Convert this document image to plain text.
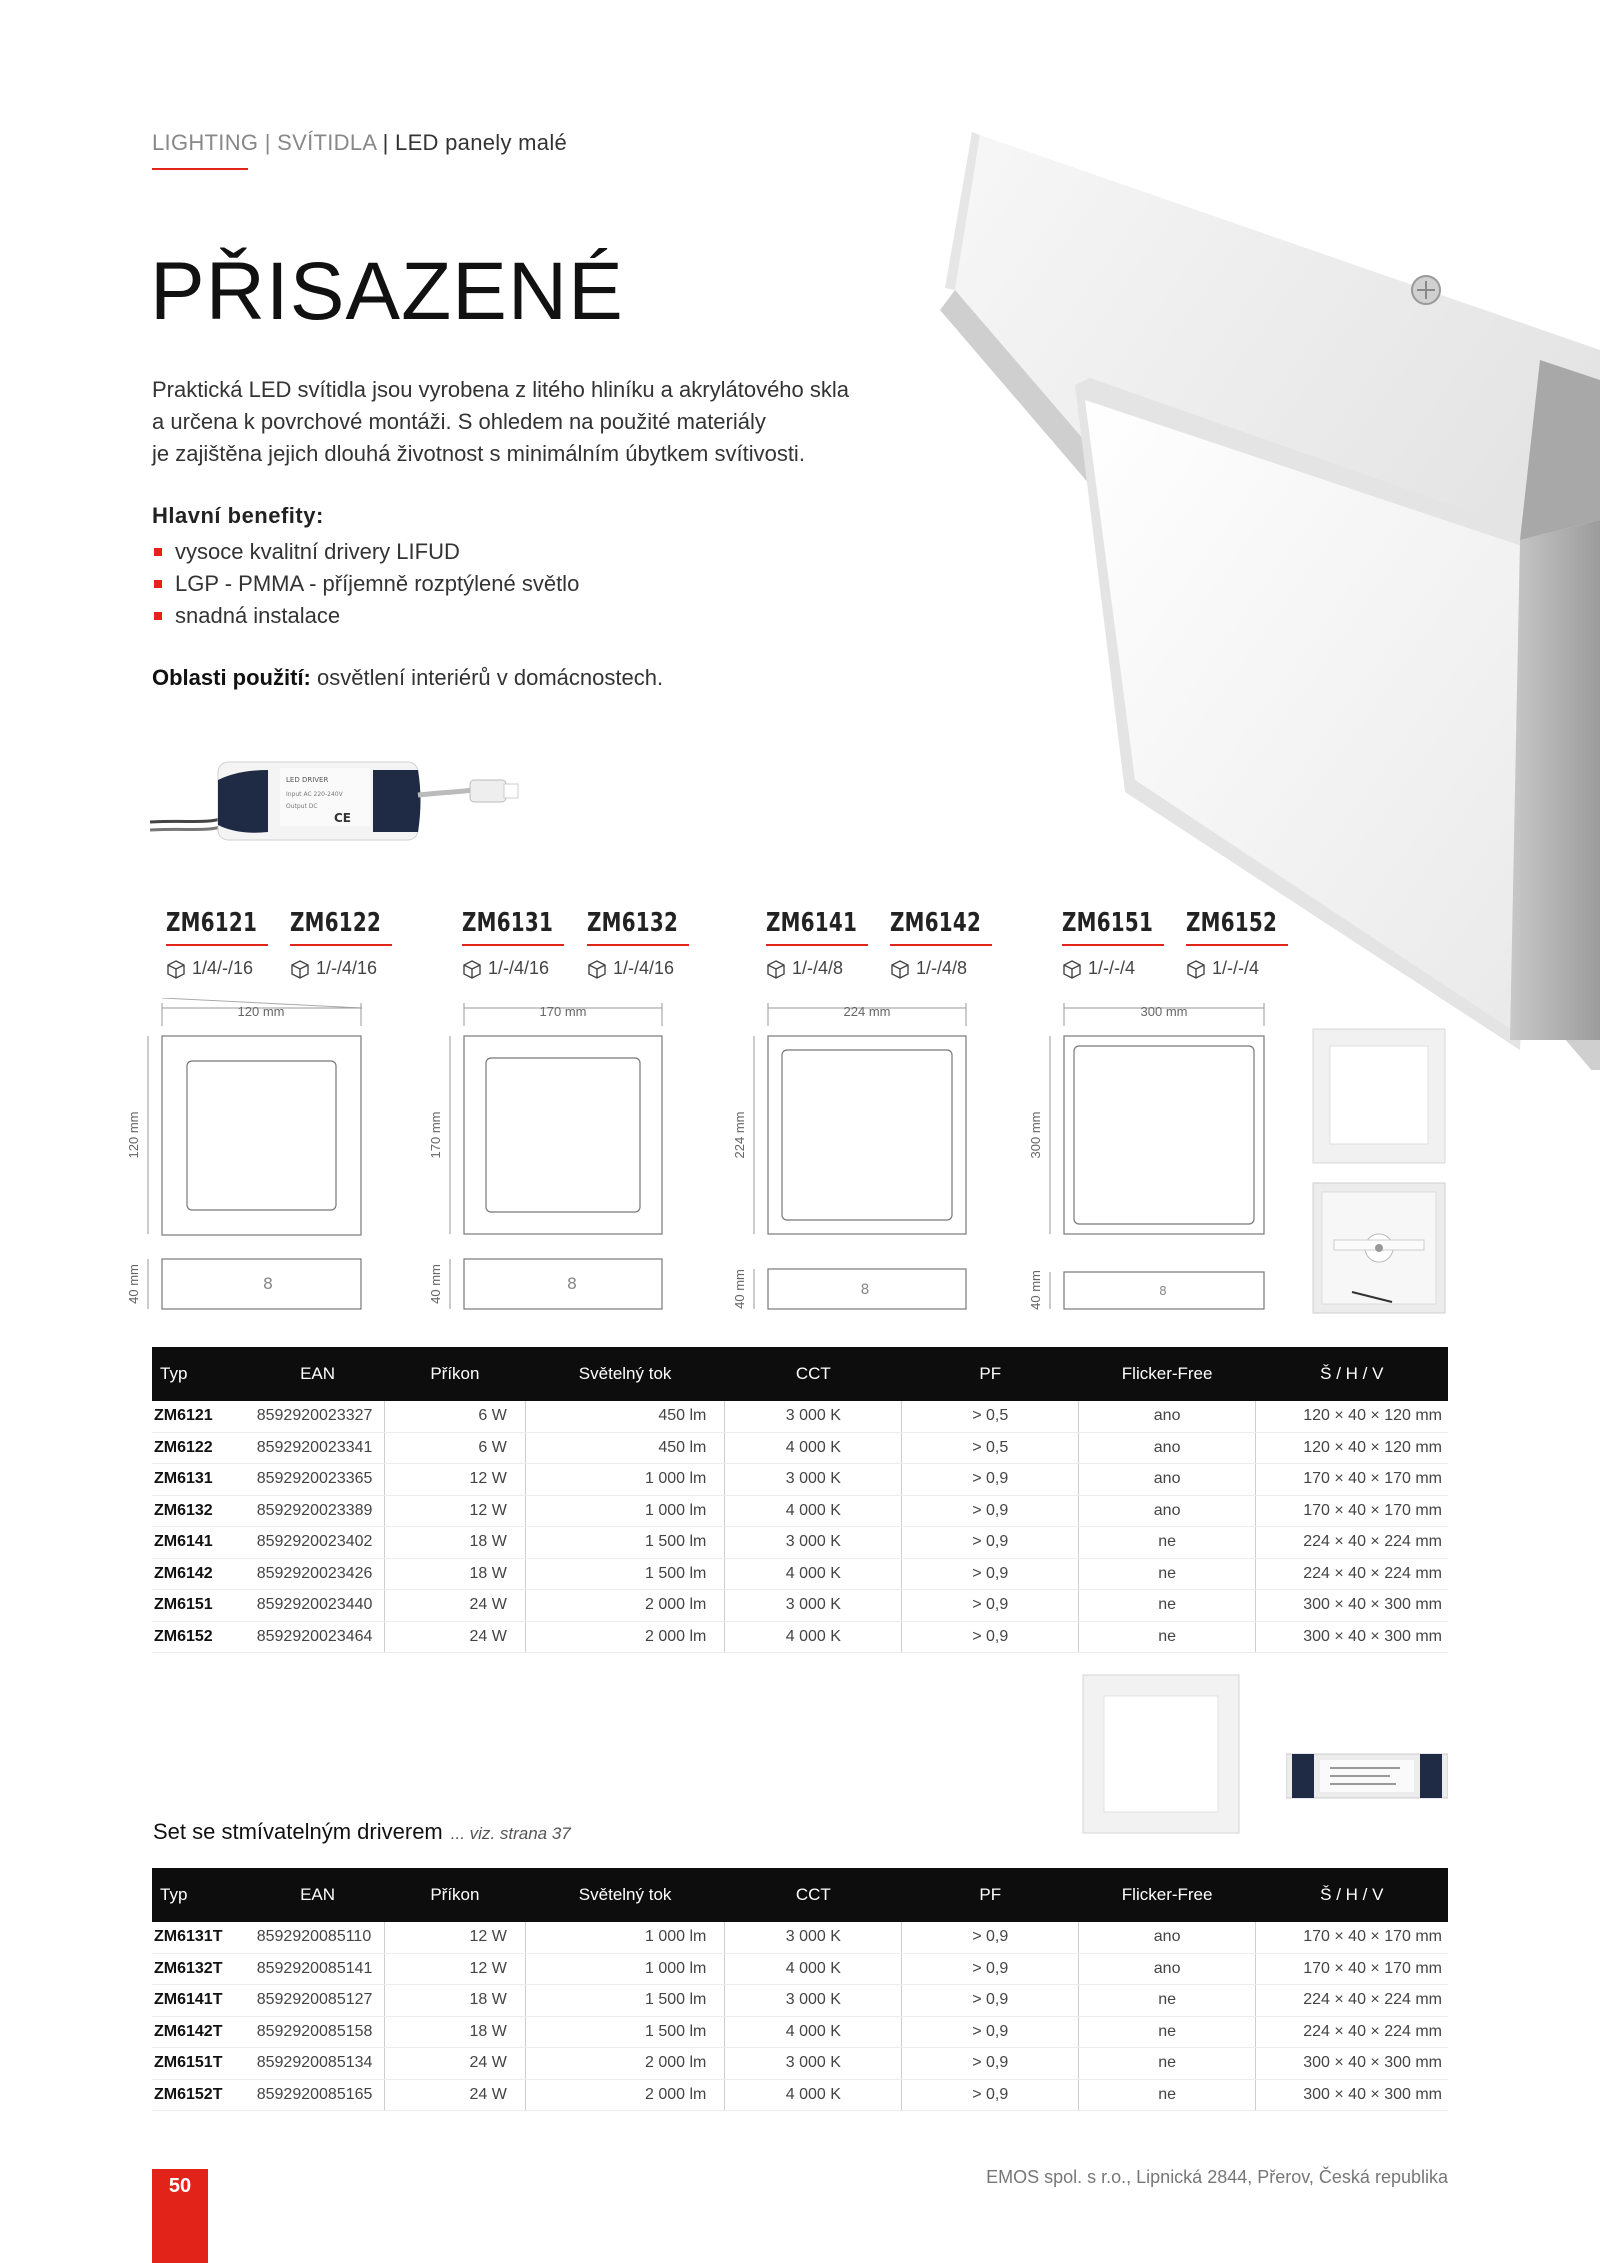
LED DRIVER
Input AC 220-240V
Output DC
CE
LIGHTING | SVÍTIDLA | LED panely malé
PŘISAZENÉ
Praktická LED svítidla jsou vyrobena z litého hliníku a akrylátového skla
a určena k povrchové montáži. S ohledem na použité materiály
je zajištěna jejich dlouhá životnost s minimálním úbytkem svítivosti.
Hlavní benefity:
vysoce kvalitní drivery LIFUD
LGP - PMMA - příjemně rozptýlené světlo
snadná instalace
Oblasti použití: osvětlení interiérů v domácnostech.
ZM6121
1/4/-/16
ZM6122
1/-/4/16
ZM6131
1/-/4/16
ZM6132
1/-/4/16
ZM6141
1/-/4/8
ZM6142
1/-/4/8
ZM6151
1/-/-/4
ZM6152
1/-/-/4
120 mm
120 mm
40 mm	8
170 mm
170 mm
40 mm	8
224 mm
224 mm
40 mm	8
300 mm
300 mm
40 mm	8
Typ	EAN	Příkon	Světelný tok	CCT	PF	Flicker-Free	Š / H / V
ZM6121	8592920023327	6 W	450 lm	3 000 K	> 0,5	ano	120 × 40 × 120 mm
ZM6122	8592920023341	6 W	450 lm	4 000 K	> 0,5	ano	120 × 40 × 120 mm
ZM6131	8592920023365	12 W	1 000 lm	3 000 K	> 0,9	ano	170 × 40 × 170 mm
ZM6132	8592920023389	12 W	1 000 lm	4 000 K	> 0,9	ano	170 × 40 × 170 mm
ZM6141	8592920023402	18 W	1 500 lm	3 000 K	> 0,9	ne	224 × 40 × 224 mm
ZM6142	8592920023426	18 W	1 500 lm	4 000 K	> 0,9	ne	224 × 40 × 224 mm
ZM6151	8592920023440	24 W	2 000 lm	3 000 K	> 0,9	ne	300 × 40 × 300 mm
ZM6152	8592920023464	24 W	2 000 lm	4 000 K	> 0,9	ne	300 × 40 × 300 mm
Set se stmívatelným driverem ... viz. strana 37
Typ	EAN	Příkon	Světelný tok	CCT	PF	Flicker-Free	Š / H / V
ZM6131T	8592920085110	12 W	1 000 lm	3 000 K	> 0,9	ano	170 × 40 × 170 mm
ZM6132T	8592920085141	12 W	1 000 lm	4 000 K	> 0,9	ano	170 × 40 × 170 mm
ZM6141T	8592920085127	18 W	1 500 lm	3 000 K	> 0,9	ne	224 × 40 × 224 mm
ZM6142T	8592920085158	18 W	1 500 lm	4 000 K	> 0,9	ne	224 × 40 × 224 mm
ZM6151T	8592920085134	24 W	2 000 lm	3 000 K	> 0,9	ne	300 × 40 × 300 mm
ZM6152T	8592920085165	24 W	2 000 lm	4 000 K	> 0,9	ne	300 × 40 × 300 mm
50	EMOS spol. s r.o., Lipnická 2844, Přerov, Česká republika
